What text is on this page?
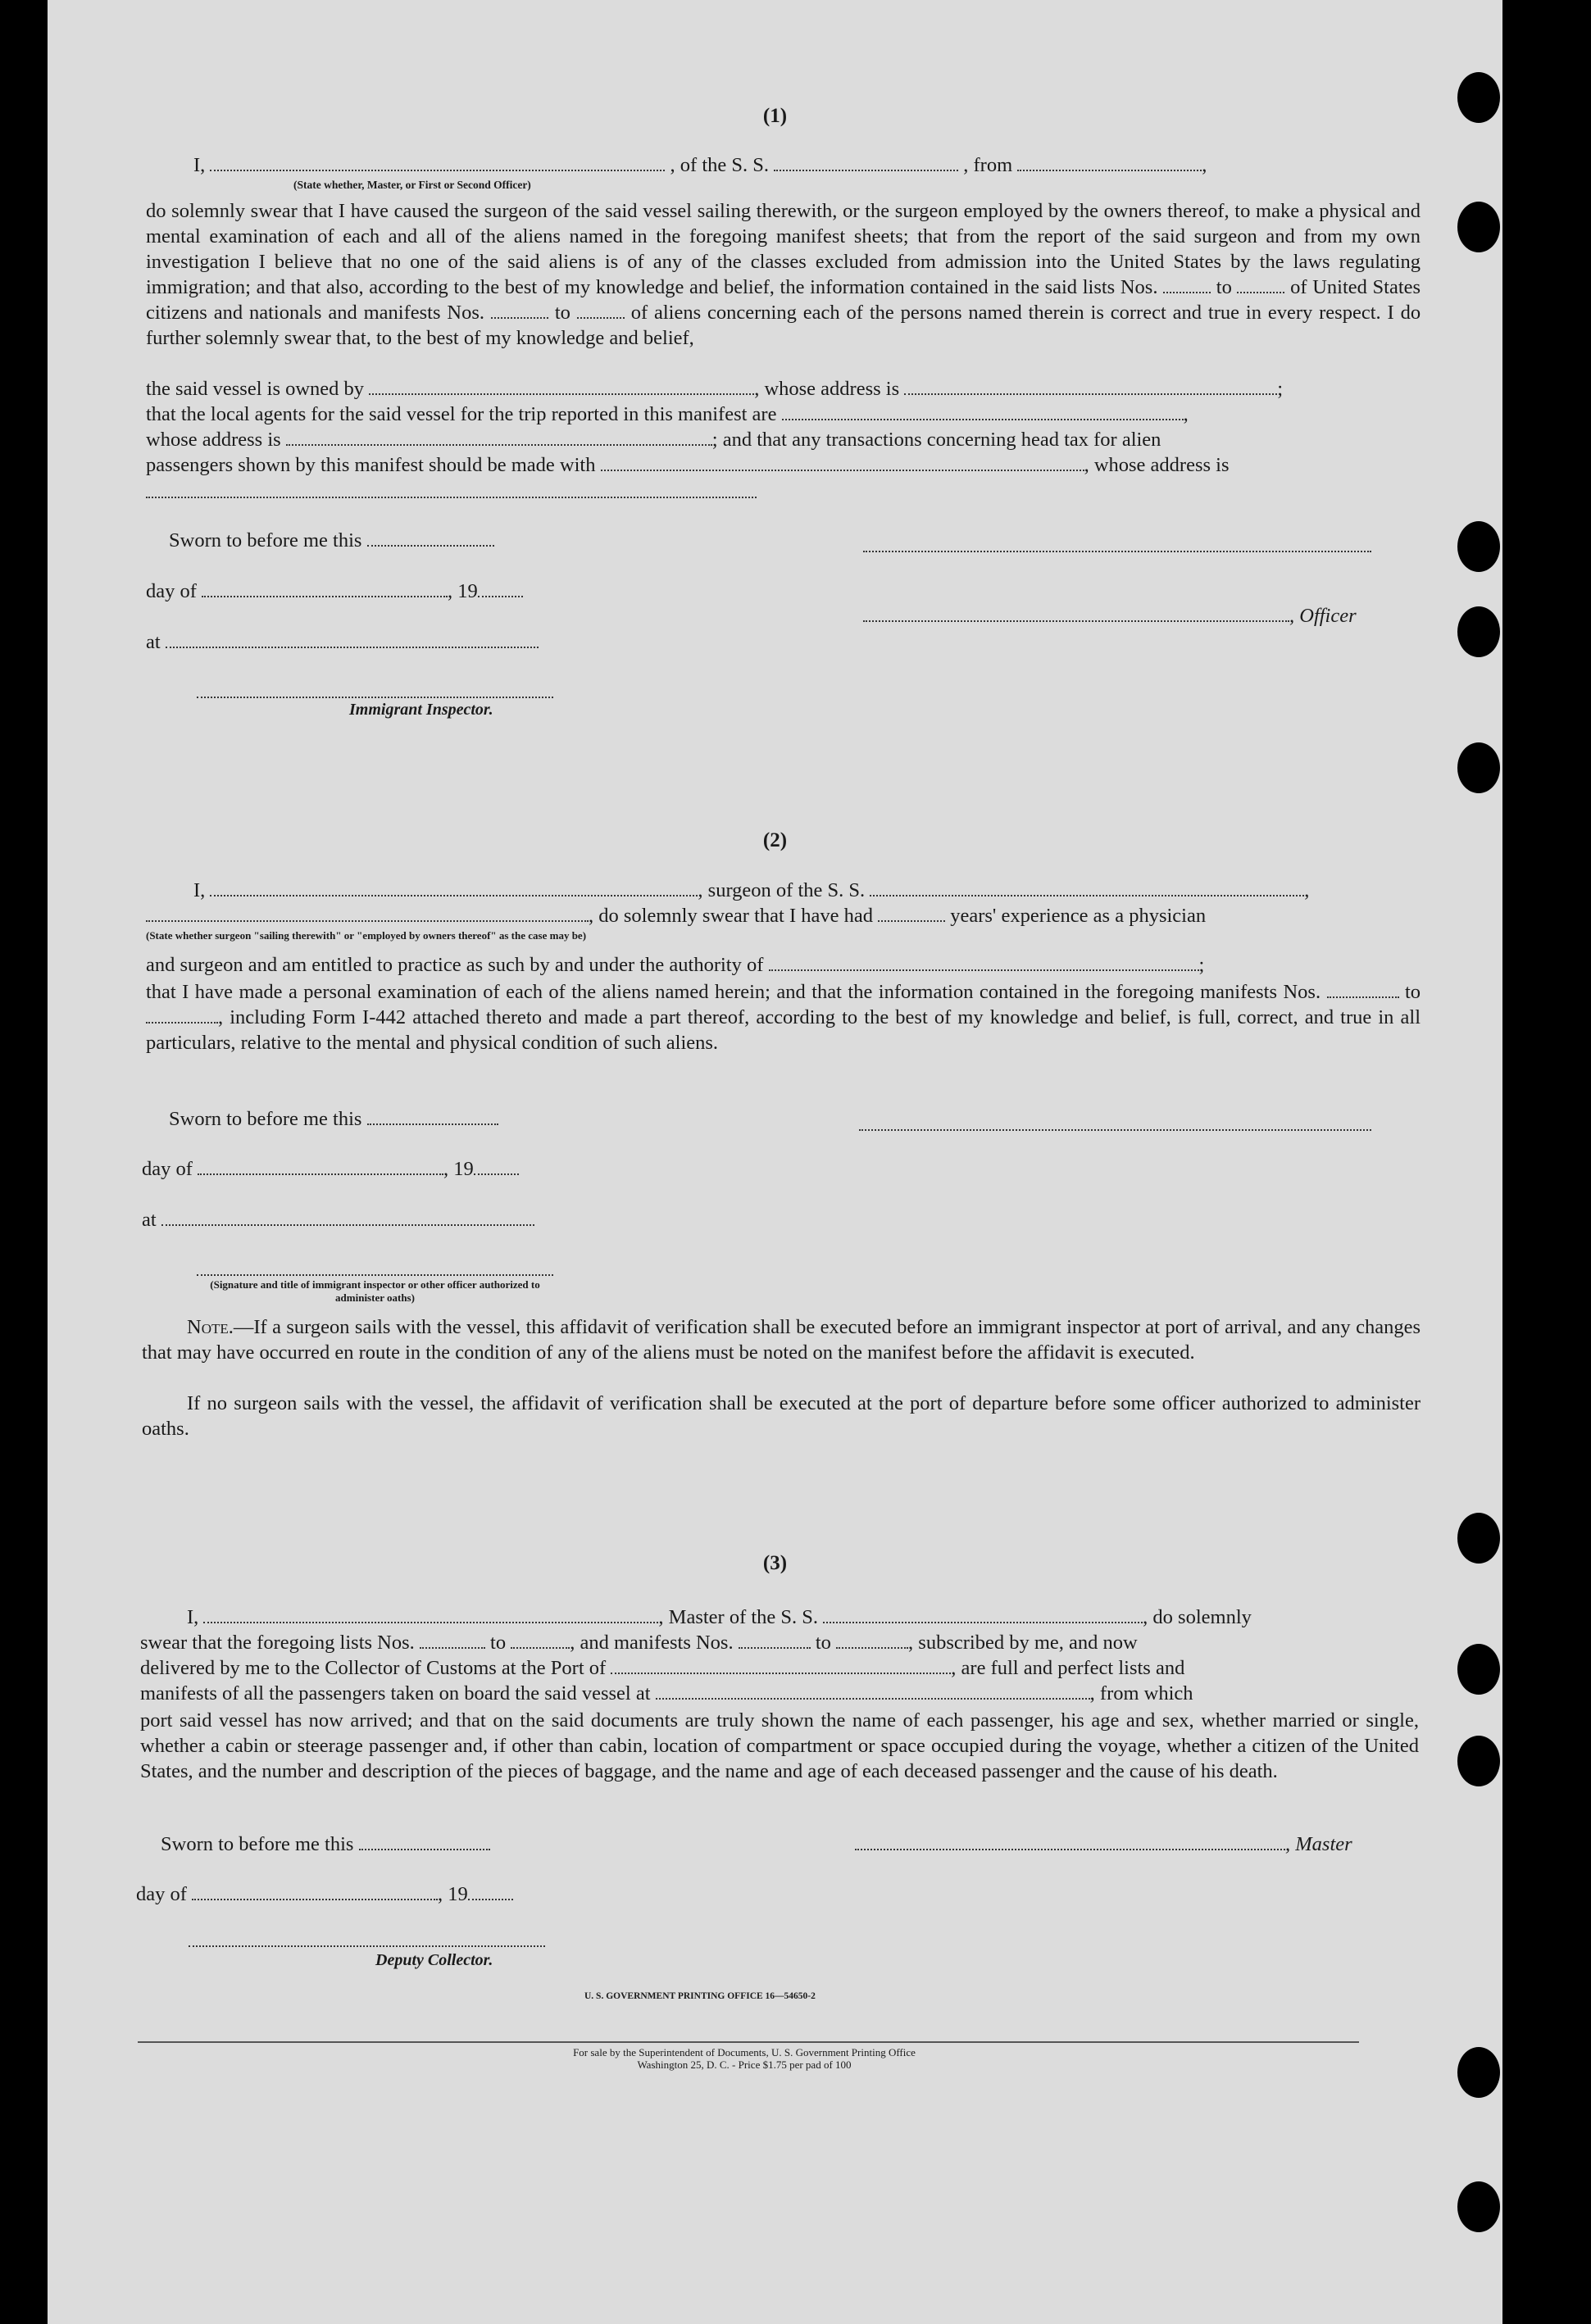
(1)
I,	, of the S. S.	, from	,
(State whether, Master, or First or Second Officer)
do solemnly swear that I have caused the surgeon of the said vessel sailing therewith, or the surgeon employed by the owners thereof, to make a physical and mental examination of each and all of the aliens named in the foregoing manifest sheets; that from the report of the said surgeon and from my own investigation I believe that no one of the said aliens is of any of the classes excluded from admission into the United States by the laws regulating immigration; and that also, according to the best of my knowledge and belief, the information contained in the said lists Nos.	to	of United States citizens and nationals and manifests Nos.	to	of aliens concerning each of the persons named therein is correct and true in every respect. I do further solemnly swear that, to the best of my knowledge and belief,
the said vessel is owned by	, whose address is	;
that the local agents for the said vessel for the trip reported in this manifest are	,
whose address is	; and that any transactions concerning head tax for alien
passengers shown by this manifest should be made with	, whose address is
Sworn to before me this
day of	, 19
, Officer
at
Immigrant Inspector.
(2)
I,	, surgeon of the S. S.	,
, do solemnly swear that I have had	years' experience as a physician
(State whether surgeon "sailing therewith" or "employed by owners thereof" as the case may be)
and surgeon and am entitled to practice as such by and under the authority of	;
that I have made a personal examination of each of the aliens named herein; and that the information contained in the foregoing manifests Nos.	to , including Form I-442 attached thereto and made a part thereof, according to the best of my knowledge and belief, is full, correct, and true in all particulars, relative to the mental and physical condition of such aliens.
Sworn to before me this
day of	, 19
at
(Signature and title of immigrant inspector or other officer authorized to administer oaths)
Note.—If a surgeon sails with the vessel, this affidavit of verification shall be executed before an immigrant inspector at port of arrival, and any changes that may have occurred en route in the condition of any of the aliens must be noted on the manifest before the affidavit is executed.
If no surgeon sails with the vessel, the affidavit of verification shall be executed at the port of departure before some officer authorized to administer oaths.
(3)
I,	, Master of the S. S.	, do solemnly
swear that the foregoing lists Nos.	to	, and manifests Nos.	to	, subscribed by me, and now
delivered by me to the Collector of Customs at the Port of	, are full and perfect lists and
manifests of all the passengers taken on board the said vessel at	, from which
port said vessel has now arrived; and that on the said documents are truly shown the name of each passenger, his age and sex, whether married or single, whether a cabin or steerage passenger and, if other than cabin, location of compartment or space occupied during the voyage, whether a citizen of the United States, and the number and description of the pieces of baggage, and the name and age of each deceased passenger and the cause of his death.
Sworn to before me this	, Master
day of	, 19
Deputy Collector.
U. S. GOVERNMENT PRINTING OFFICE 16—54650-2
For sale by the Superintendent of Documents, U. S. Government Printing Office
Washington 25, D. C. - Price $1.75 per pad of 100
